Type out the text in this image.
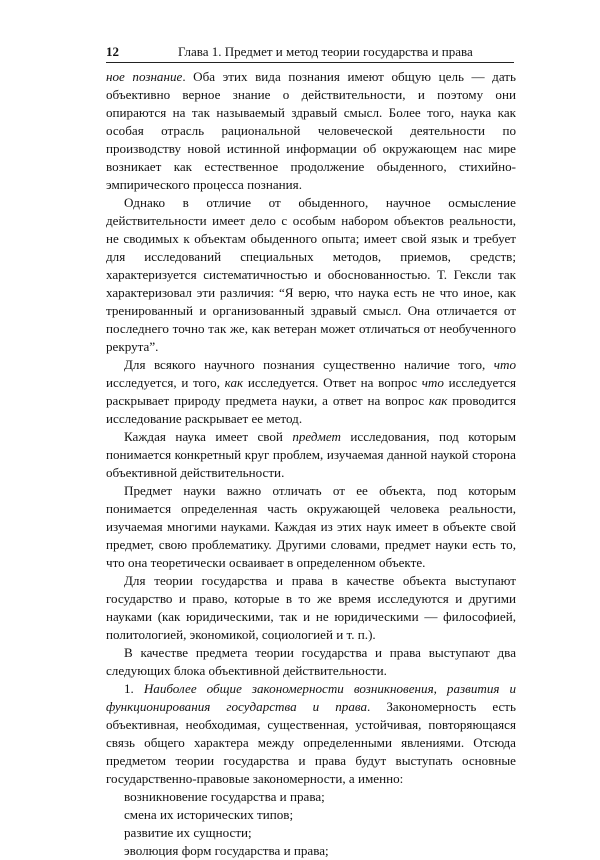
12	Глава 1. Предмет и метод теории государства и права

ное познание. Оба этих вида познания имеют общую цель — дать объективно верное знание о действительности, и поэтому они опираются на так называемый здравый смысл. Более того, наука как особая отрасль рациональной человеческой деятельности по производству новой истинной информации об окружающем нас мире возникает как естественное продолжение обыденного, стихийно-эмпирического процесса познания.

Однако в отличие от обыденного, научное осмысление действительности имеет дело с особым набором объектов реальности, не сводимых к объектам обыденного опыта; имеет свой язык и требует для исследований специальных методов, приемов, средств; характеризуется систематичностью и обоснованностью. Т. Гексли так характеризовал эти различия: “Я верю, что наука есть не что иное, как тренированный и организованный здравый смысл. Она отличается от последнего точно так же, как ветеран может отличаться от необученного рекрута”.

Для всякого научного познания существенно наличие того, что исследуется, и того, как исследуется. Ответ на вопрос что исследуется раскрывает природу предмета науки, а ответ на вопрос как проводится исследование раскрывает ее метод.

Каждая наука имеет свой предмет исследования, под которым понимается конкретный круг проблем, изучаемая данной наукой сторона объективной действительности.

Предмет науки важно отличать от ее объекта, под которым понимается определенная часть окружающей человека реальности, изучаемая многими науками. Каждая из этих наук имеет в объекте свой предмет, свою проблематику. Другими словами, предмет науки есть то, что она теоретически осваивает в определенном объекте.

Для теории государства и права в качестве объекта выступают государство и право, которые в то же время исследуются и другими науками (как юридическими, так и не юридическими — философией, политологией, экономикой, социологией и т. п.).

В качестве предмета теории государства и права выступают два следующих блока объективной действительности.

1. Наиболее общие закономерности возникновения, развития и функционирования государства и права. Закономерность есть объективная, необходимая, существенная, устойчивая, повторяющаяся связь общего характера между определенными явлениями. Отсюда предметом теории государства и права будут выступать основные государственно-правовые закономерности, а именно:

возникновение государства и права;
смена их исторических типов;
развитие их сущности;
эволюция форм государства и права;
